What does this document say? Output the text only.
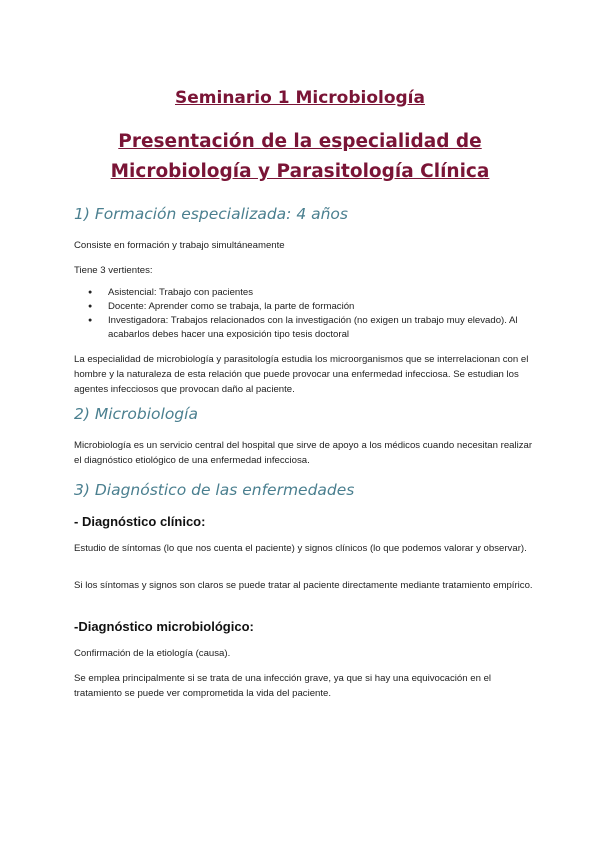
Seminario 1 Microbiología
Presentación de la especialidad de Microbiología y Parasitología Clínica
1) Formación especializada: 4 años

Consiste en formación y trabajo simultáneamente

Tiene 3 vertientes:

● Asistencial: Trabajo con pacientes
● Docente: Aprender como se trabaja, la parte de formación
● Investigadora: Trabajos relacionados con la investigación (no exigen un trabajo muy elevado). Al acabarlos debes hacer una exposición tipo tesis doctoral

La especialidad de microbiología y parasitología estudia los microorganismos que se interrelacionan con el hombre y la naturaleza de esta relación que puede provocar una enfermedad infecciosa. Se estudian los agentes infecciosos que provocan daño al paciente.

2) Microbiología

Microbiología es un servicio central del hospital que sirve de apoyo a los médicos cuando necesitan realizar el diagnóstico etiológico de una enfermedad infecciosa.

3) Diagnóstico de las enfermedades
- Diagnóstico clínico:

Estudio de síntomas (lo que nos cuenta el paciente) y signos clínicos (lo que podemos valorar y observar).

Si los síntomas y signos son claros se puede tratar al paciente directamente mediante tratamiento empírico.

-Diagnóstico microbiológico:

Confirmación de la etiología (causa).

Se emplea principalmente si se trata de una infección grave, ya que si hay una equivocación en el tratamiento se puede ver comprometida la vida del paciente.
